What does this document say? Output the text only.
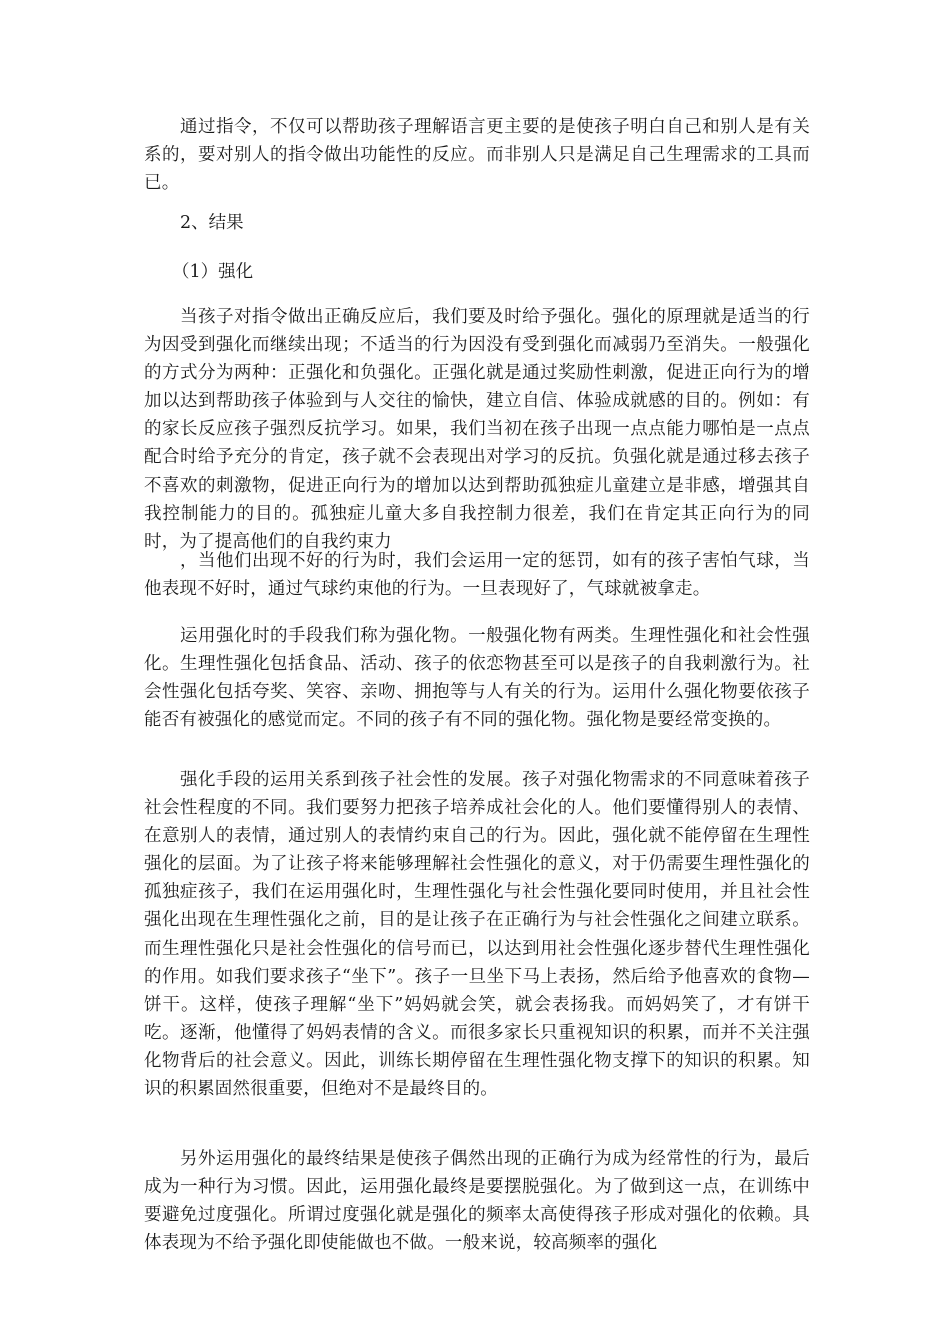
通过指令，不仅可以帮助孩子理解语言更主要的是使孩子明白自己和别人是有关系的，要对别人的指令做出功能性的反应。而非别人只是满足自己生理需求的工具而已。

2、结果

（1）强化

当孩子对指令做出正确反应后，我们要及时给予强化。强化的原理就是适当的行为因受到强化而继续出现；不适当的行为因没有受到强化而减弱乃至消失。一般强化的方式分为两种：正强化和负强化。正强化就是通过奖励性刺激，促进正向行为的增加以达到帮助孩子体验到与人交往的愉快，建立自信、体验成就感的目的。例如：有的家长反应孩子强烈反抗学习。如果，我们当初在孩子出现一点点能力哪怕是一点点配合时给予充分的肯定，孩子就不会表现出对学习的反抗。负强化就是通过移去孩子不喜欢的刺激物，促进正向行为的增加以达到帮助孤独症儿童建立是非感，增强其自我控制能力的目的。孤独症儿童大多自我控制力很差，我们在肯定其正向行为的同时，为了提高他们的自我约束力

，当他们出现不好的行为时，我们会运用一定的惩罚，如有的孩子害怕气球，当他表现不好时，通过气球约束他的行为。一旦表现好了，气球就被拿走。

运用强化时的手段我们称为强化物。一般强化物有两类。生理性强化和社会性强化。生理性强化包括食品、活动、孩子的依恋物甚至可以是孩子的自我刺激行为。社会性强化包括夸奖、笑容、亲吻、拥抱等与人有关的行为。运用什么强化物要依孩子能否有被强化的感觉而定。不同的孩子有不同的强化物。强化物是要经常变换的。

强化手段的运用关系到孩子社会性的发展。孩子对强化物需求的不同意味着孩子社会性程度的不同。我们要努力把孩子培养成社会化的人。他们要懂得别人的表情、在意别人的表情，通过别人的表情约束自己的行为。因此，强化就不能停留在生理性强化的层面。为了让孩子将来能够理解社会性强化的意义，对于仍需要生理性强化的孤独症孩子，我们在运用强化时，生理性强化与社会性强化要同时使用，并且社会性强化出现在生理性强化之前，目的是让孩子在正确行为与社会性强化之间建立联系。而生理性强化只是社会性强化的信号而已，以达到用社会性强化逐步替代生理性强化的作用。如我们要求孩子“坐下”。孩子一旦坐下马上表扬，然后给予他喜欢的食物—饼干。这样，使孩子理解“坐下”妈妈就会笑，就会表扬我。而妈妈笑了，才有饼干吃。逐渐，他懂得了妈妈表情的含义。而很多家长只重视知识的积累，而并不关注强化物背后的社会意义。因此，训练长期停留在生理性强化物支撑下的知识的积累。知识的积累固然很重要，但绝对不是最终目的。

另外运用强化的最终结果是使孩子偶然出现的正确行为成为经常性的行为，最后成为一种行为习惯。因此，运用强化最终是要摆脱强化。为了做到这一点，在训练中要避免过度强化。所谓过度强化就是强化的频率太高使得孩子形成对强化的依赖。具体表现为不给予强化即使能做也不做。一般来说，较高频率的强化
